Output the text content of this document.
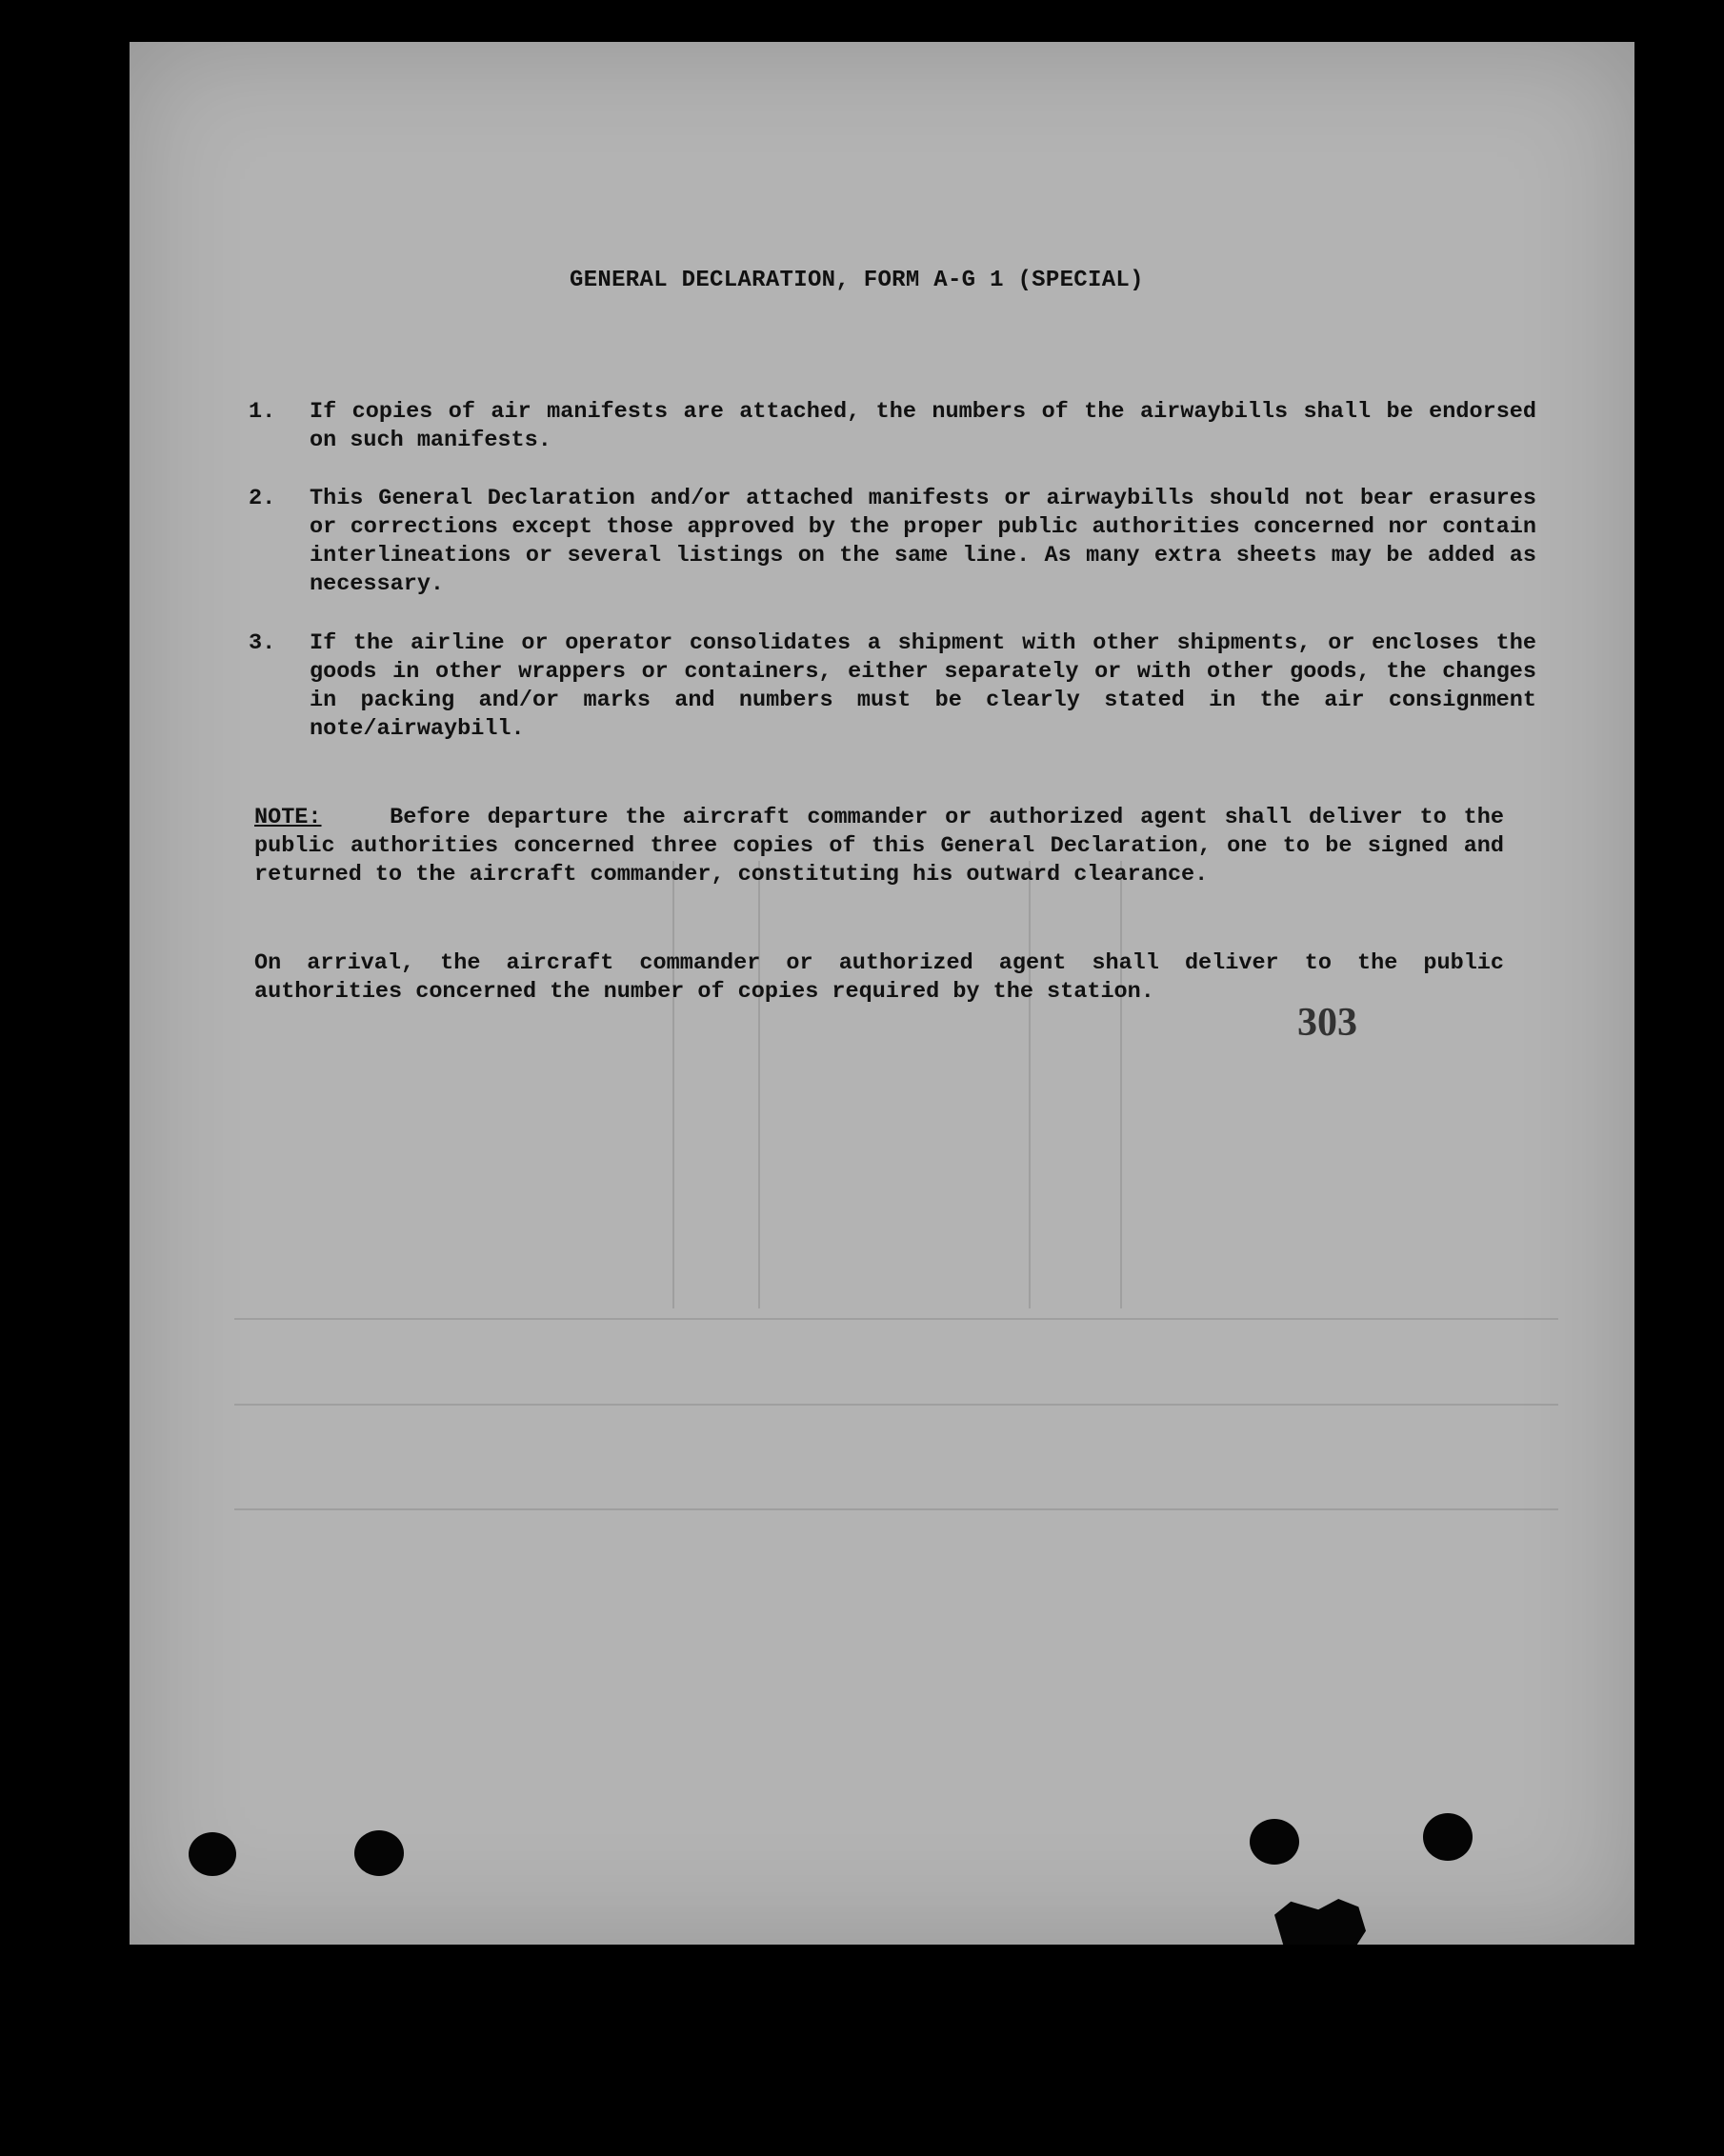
GENERAL DECLARATION, FORM A-G 1 (SPECIAL)
1.	If copies of air manifests are attached, the numbers of the airwaybills shall be endorsed on such manifests.
2.	This General Declaration and/or attached manifests or airwaybills should not bear erasures or corrections except those approved by the proper public authorities concerned nor contain interlineations or several listings on the same line. As many extra sheets may be added as necessary.
3.	If the airline or operator consolidates a shipment with other shipments, or encloses the goods in other wrappers or containers, either separately or with other goods, the changes in packing and/or marks and numbers must be clearly stated in the air consignment note/airwaybill.
NOTE:	Before departure the aircraft commander or authorized agent shall deliver to the public authorities concerned three copies of this General Declaration, one to be signed and returned to the aircraft commander, constituting his outward clearance.
On arrival, the aircraft commander or authorized agent shall deliver to the public authorities concerned the number of copies required by the station.
303
